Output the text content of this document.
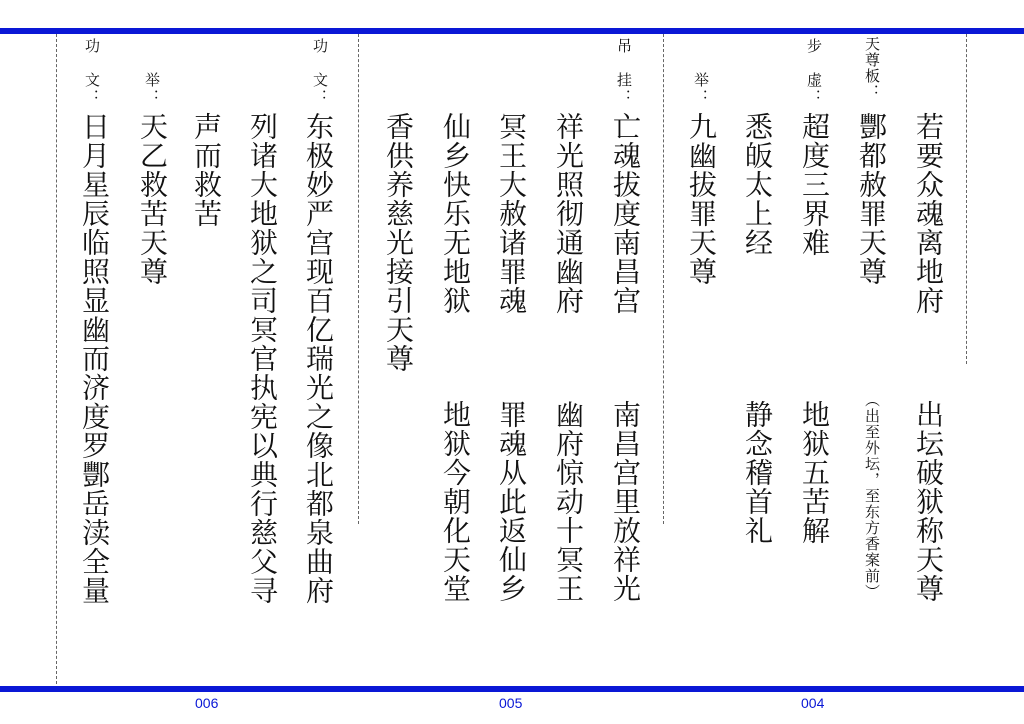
功　文：
日月星辰临照显幽而济度罗酆岳渎全量
举：
天乙救苦天尊 声而救苦 列诸大地狱之司冥官执宪以典行慈父寻
功　文：
东极妙严宫现百亿瑞光之像北都泉曲府 香供养慈光接引天尊 仙乡快乐无地狱
地狱今朝化天堂
冥王大赦诸罪魂
罪魂从此返仙乡
祥光照彻通幽府
幽府惊动十冥王
吊　挂：
亡魂拔度南昌宫
南昌宫里放祥光
举：
九幽拔罪天尊 悉皈太上经
静念稽首礼
步　虚：
超度三界难
地狱五苦解
天尊板：
酆都赦罪天尊
（出至外坛，至东方香案前）
若要众魂离地府
出坛破狱称天尊
006	005	004
